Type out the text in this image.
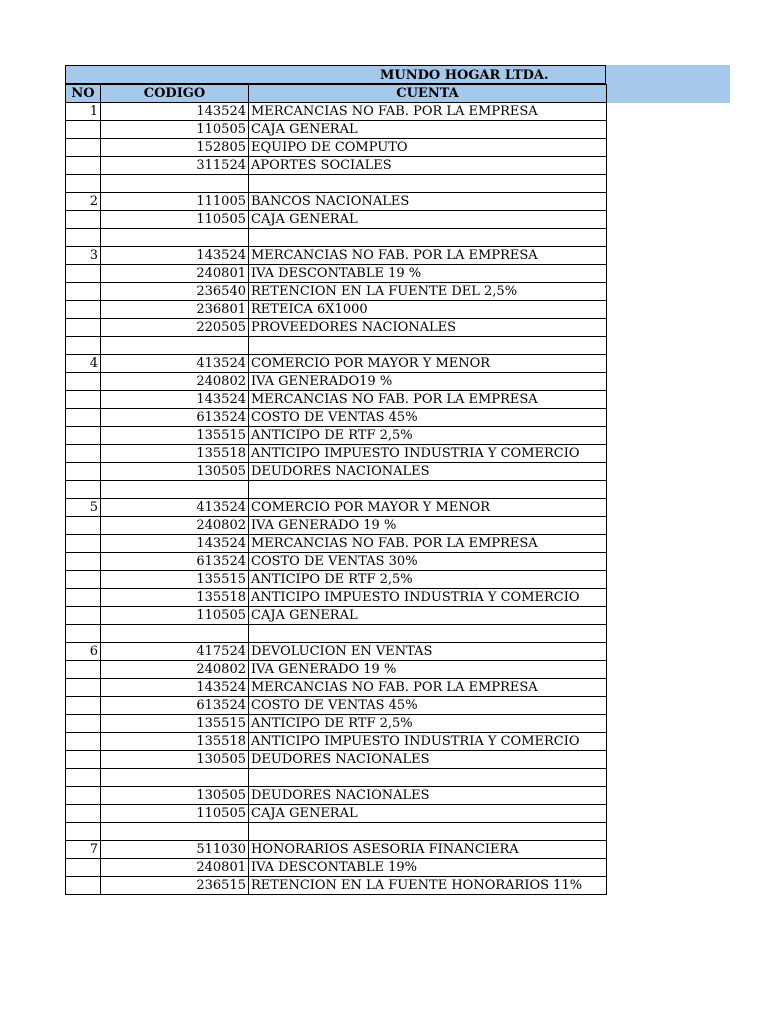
MUNDO HOGAR LTDA.
NO	CODIGO	CUENTA
1	143524	MERCANCIAS NO FAB. POR LA EMPRESA
	110505	CAJA GENERAL
	152805	EQUIPO DE COMPUTO
	311524	APORTES SOCIALES

2	111005	BANCOS NACIONALES
	110505	CAJA GENERAL

3	143524	MERCANCIAS NO FAB. POR LA EMPRESA
	240801	IVA DESCONTABLE 19 %
	236540	RETENCION EN LA FUENTE DEL 2,5%
	236801	RETEICA 6X1000
	220505	PROVEEDORES NACIONALES

4	413524	COMERCIO POR MAYOR Y MENOR
	240802	IVA GENERADO19 %
	143524	MERCANCIAS NO FAB. POR LA EMPRESA
	613524	COSTO DE VENTAS 45%
	135515	ANTICIPO DE RTF 2,5%
	135518	ANTICIPO IMPUESTO INDUSTRIA Y COMERCIO
	130505	DEUDORES NACIONALES

5	413524	COMERCIO POR MAYOR Y MENOR
	240802	IVA GENERADO 19 %
	143524	MERCANCIAS NO FAB. POR LA EMPRESA
	613524	COSTO DE VENTAS 30%
	135515	ANTICIPO DE RTF 2,5%
	135518	ANTICIPO IMPUESTO INDUSTRIA Y COMERCIO
	110505	CAJA GENERAL

6	417524	DEVOLUCION EN VENTAS
	240802	IVA GENERADO 19 %
	143524	MERCANCIAS NO FAB. POR LA EMPRESA
	613524	COSTO DE VENTAS 45%
	135515	ANTICIPO DE RTF 2,5%
	135518	ANTICIPO IMPUESTO INDUSTRIA Y COMERCIO
	130505	DEUDORES NACIONALES

	130505	DEUDORES NACIONALES
	110505	CAJA GENERAL

7	511030	HONORARIOS ASESORIA FINANCIERA
	240801	IVA DESCONTABLE 19%
	236515	RETENCION EN LA FUENTE HONORARIOS 11%
